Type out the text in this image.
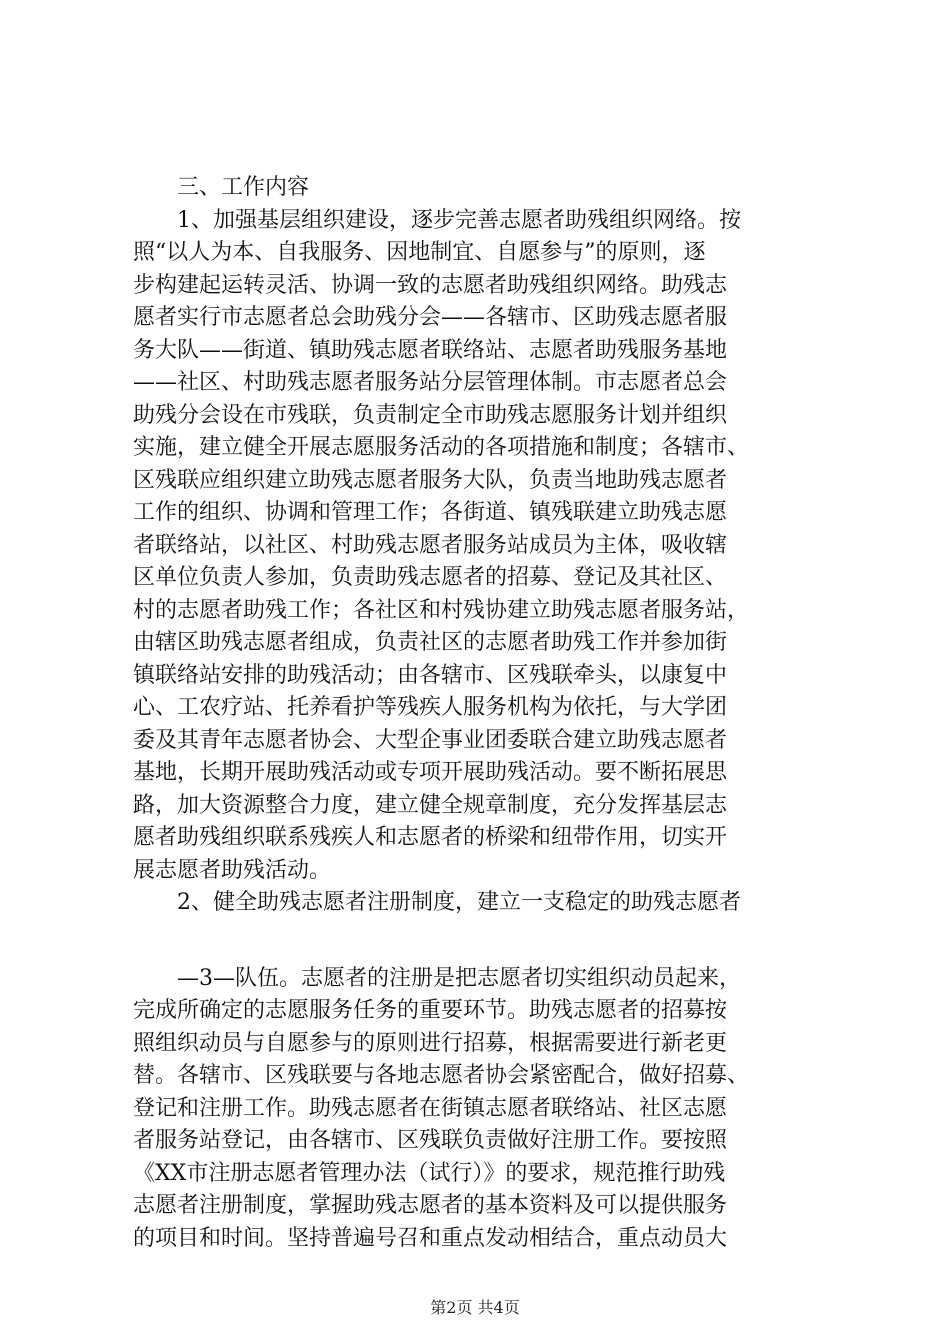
　　三、工作内容
　　1、加强基层组织建设，逐步完善志愿者助残组织网络。按
照“以人为本、自我服务、因地制宜、自愿参与”的原则，逐
步构建起运转灵活、协调一致的志愿者助残组织网络。助残志
愿者实行市志愿者总会助残分会——各辖市、区助残志愿者服
务大队——街道、镇助残志愿者联络站、志愿者助残服务基地
——社区、村助残志愿者服务站分层管理体制。市志愿者总会
助残分会设在市残联，负责制定全市助残志愿服务计划并组织
实施，建立健全开展志愿服务活动的各项措施和制度；各辖市、
区残联应组织建立助残志愿者服务大队，负责当地助残志愿者
工作的组织、协调和管理工作；各街道、镇残联建立助残志愿
者联络站，以社区、村助残志愿者服务站成员为主体，吸收辖
区单位负责人参加，负责助残志愿者的招募、登记及其社区、
村的志愿者助残工作；各社区和村残协建立助残志愿者服务站，
由辖区助残志愿者组成，负责社区的志愿者助残工作并参加街
镇联络站安排的助残活动；由各辖市、区残联牵头，以康复中
心、工农疗站、托养看护等残疾人服务机构为依托，与大学团
委及其青年志愿者协会、大型企事业团委联合建立助残志愿者
基地，长期开展助残活动或专项开展助残活动。要不断拓展思
路，加大资源整合力度，建立健全规章制度，充分发挥基层志
愿者助残组织联系残疾人和志愿者的桥梁和纽带作用，切实开
展志愿者助残活动。
　　2、健全助残志愿者注册制度，建立一支稳定的助残志愿者
　　—3—队伍。志愿者的注册是把志愿者切实组织动员起来，
完成所确定的志愿服务任务的重要环节。助残志愿者的招募按
照组织动员与自愿参与的原则进行招募，根据需要进行新老更
替。各辖市、区残联要与各地志愿者协会紧密配合，做好招募、
登记和注册工作。助残志愿者在街镇志愿者联络站、社区志愿
者服务站登记，由各辖市、区残联负责做好注册工作。要按照
《XX市注册志愿者管理办法（试行）》的要求，规范推行助残
志愿者注册制度，掌握助残志愿者的基本资料及可以提供服务
的项目和时间。坚持普遍号召和重点发动相结合，重点动员大
第2页 共4页
